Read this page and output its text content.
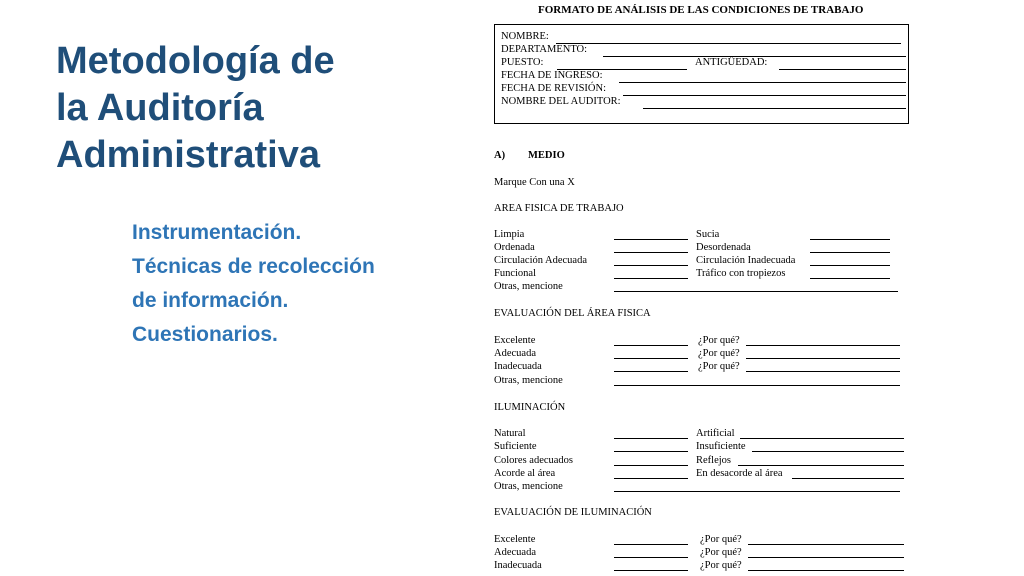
Metodología de
la Auditoría
Administrativa
Instrumentación.
Técnicas de recolección
de información.
Cuestionarios.
FORMATO DE ANÁLISIS DE LAS CONDICIONES DE TRABAJO
NOMBRE:
DEPARTAMENTO:
PUESTO:	ANTIGÜEDAD:
FECHA DE INGRESO:
FECHA DE REVISIÓN:
NOMBRE DEL AUDITOR:
A) MEDIO
Marque Con una X
AREA FISICA DE TRABAJO
Limpia	Sucia
Ordenada	Desordenada
Circulación Adecuada	Circulación Inadecuada
Funcional	Tráfico con tropiezos
Otras, mencione
EVALUACIÓN DEL ÁREA FISICA
Excelente	¿Por qué?
Adecuada	¿Por qué?
Inadecuada	¿Por qué?
Otras, mencione
ILUMINACIÓN
Natural	Artificial
Suficiente	Insuficiente
Colores adecuados	Reflejos
Acorde al área	En desacorde al área
Otras, mencione
EVALUACIÓN DE ILUMINACIÓN
Excelente	¿Por qué?
Adecuada	¿Por qué?
Inadecuada	¿Por qué?
